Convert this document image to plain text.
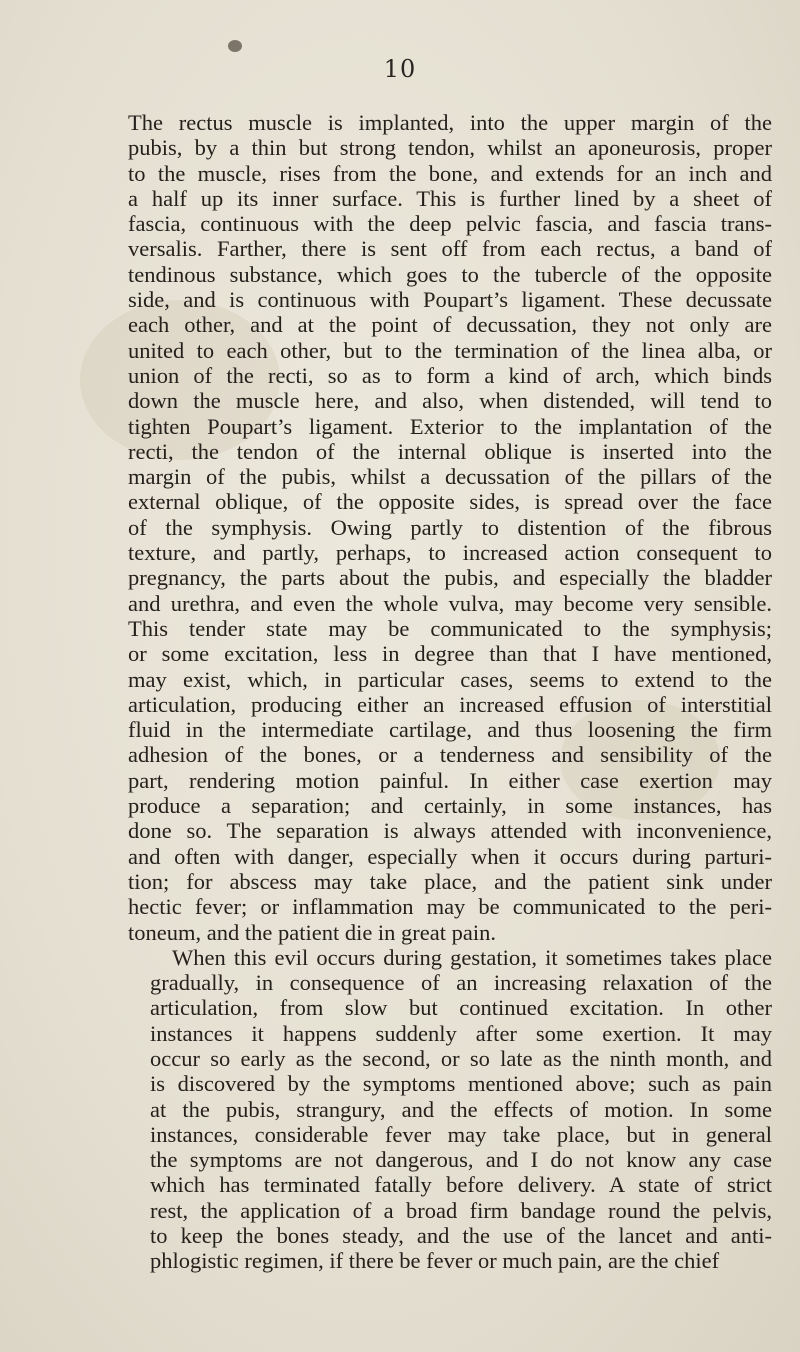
10

The rectus muscle is implanted, into the upper margin of the
pubis, by a thin but strong tendon, whilst an aponeurosis, proper
to the muscle, rises from the bone, and extends for an inch and
a half up its inner surface. This is further lined by a sheet of
fascia, continuous with the deep pelvic fascia, and fascia trans-
versalis. Farther, there is sent off from each rectus, a band of
tendinous substance, which goes to the tubercle of the opposite
side, and is continuous with Poupart’s ligament. These decussate
each other, and at the point of decussation, they not only are
united to each other, but to the termination of the linea alba, or
union of the recti, so as to form a kind of arch, which binds
down the muscle here, and also, when distended, will tend to
tighten Poupart’s ligament. Exterior to the implantation of the
recti, the tendon of the internal oblique is inserted into the
margin of the pubis, whilst a decussation of the pillars of the
external oblique, of the opposite sides, is spread over the face
of the symphysis. Owing partly to distention of the fibrous
texture, and partly, perhaps, to increased action consequent to
pregnancy, the parts about the pubis, and especially the bladder
and urethra, and even the whole vulva, may become very sensible.
This tender state may be communicated to the symphysis;
or some excitation, less in degree than that I have mentioned,
may exist, which, in particular cases, seems to extend to the
articulation, producing either an increased effusion of interstitial
fluid in the intermediate cartilage, and thus loosening the firm
adhesion of the bones, or a tenderness and sensibility of the
part, rendering motion painful. In either case exertion may
produce a separation; and certainly, in some instances, has
done so. The separation is always attended with inconvenience,
and often with danger, especially when it occurs during parturi-
tion; for abscess may take place, and the patient sink under
hectic fever; or inflammation may be communicated to the peri-
toneum, and the patient die in great pain.

When this evil occurs during gestation, it sometimes takes place
gradually, in consequence of an increasing relaxation of the
articulation, from slow but continued excitation. In other
instances it happens suddenly after some exertion. It may
occur so early as the second, or so late as the ninth month, and
is discovered by the symptoms mentioned above; such as pain
at the pubis, strangury, and the effects of motion. In some
instances, considerable fever may take place, but in general
the symptoms are not dangerous, and I do not know any case
which has terminated fatally before delivery. A state of strict
rest, the application of a broad firm bandage round the pelvis,
to keep the bones steady, and the use of the lancet and anti-
phlogistic regimen, if there be fever or much pain, are the chief
